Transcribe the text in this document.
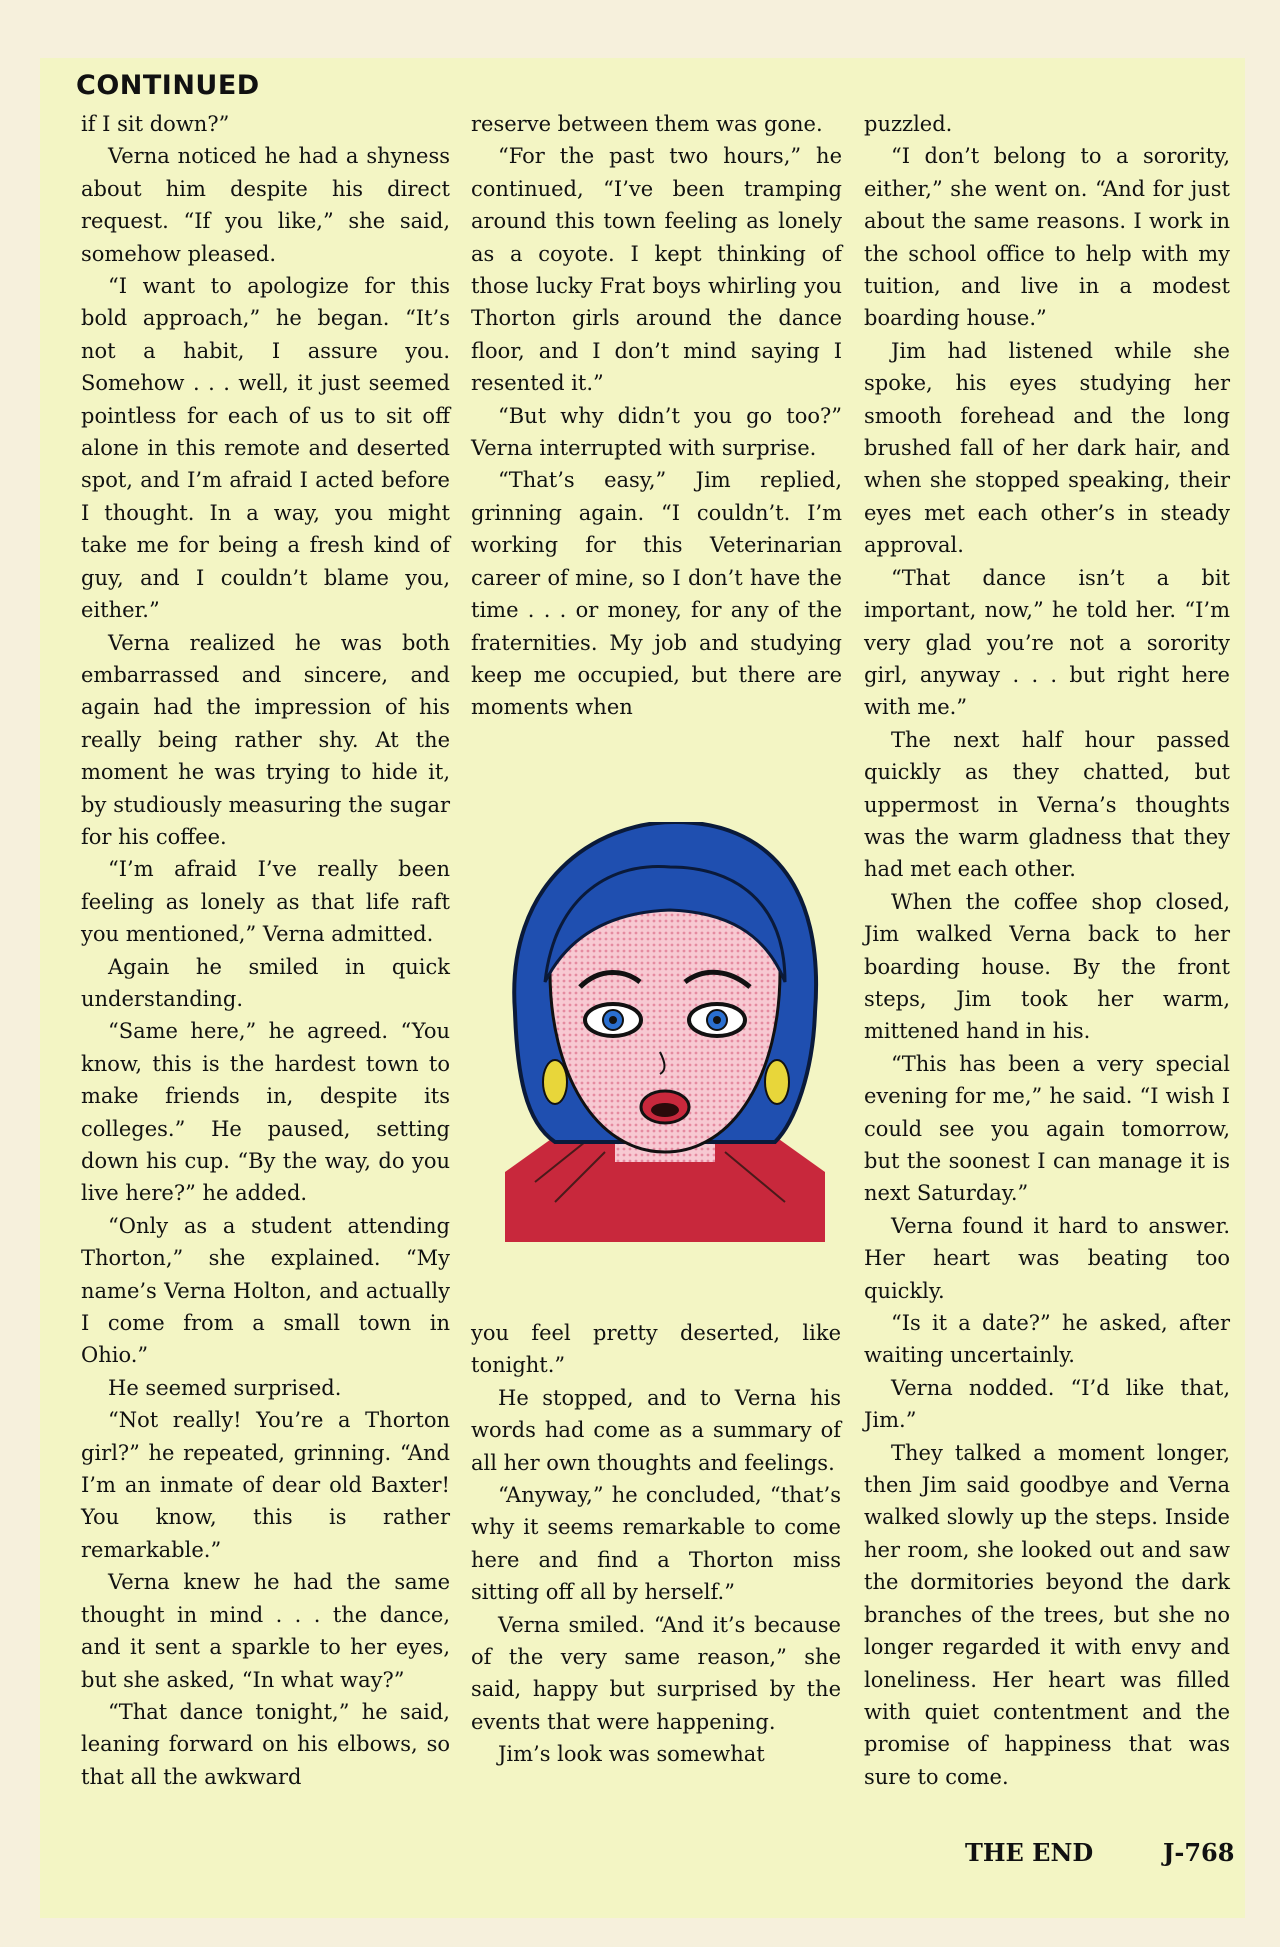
CONTINUED

if I sit down?”

Verna noticed he had a shyness about him despite his direct request. “If you like,” she said, somehow pleased.

“I want to apologize for this bold approach,” he began. “It’s not a habit, I assure you. Somehow . . . well, it just seemed pointless for each of us to sit off alone in this remote and deserted spot, and I’m afraid I acted before I thought. In a way, you might take me for being a fresh kind of guy, and I couldn’t blame you, either.”

Verna realized he was both embarrassed and sincere, and again had the impression of his really being rather shy. At the moment he was trying to hide it, by studiously measuring the sugar for his coffee.

“I’m afraid I’ve really been feeling as lonely as that life raft you mentioned,” Verna admitted.

Again he smiled in quick understanding.

“Same here,” he agreed. “You know, this is the hardest town to make friends in, despite its colleges.” He paused, setting down his cup. “By the way, do you live here?” he added.

“Only as a student attending Thorton,” she explained. “My name’s Verna Holton, and actually I come from a small town in Ohio.”

He seemed surprised.

“Not really! You’re a Thorton girl?” he repeated, grinning. “And I’m an inmate of dear old Baxter! You know, this is rather remarkable.”

Verna knew he had the same thought in mind . . . the dance, and it sent a sparkle to her eyes, but she asked, “In what way?”

“That dance tonight,” he said, leaning forward on his elbows, so that all the awkward

reserve between them was gone.

“For the past two hours,” he continued, “I’ve been tramping around this town feeling as lonely as a coyote. I kept thinking of those lucky Frat boys whirling you Thorton girls around the dance floor, and I don’t mind saying I resented it.”

“But why didn’t you go too?” Verna interrupted with surprise.

“That’s easy,” Jim replied, grinning again. “I couldn’t. I’m working for this Veterinarian career of mine, so I don’t have the time . . . or money, for any of the fraternities. My job and studying keep me occupied, but there are moments when

you feel pretty deserted, like tonight.”

He stopped, and to Verna his words had come as a summary of all her own thoughts and feelings.

“Anyway,” he concluded, “that’s why it seems remarkable to come here and find a Thorton miss sitting off all by herself.”

Verna smiled. “And it’s because of the very same reason,” she said, happy but surprised by the events that were happening.

Jim’s look was somewhat

puzzled.

“I don’t belong to a sorority, either,” she went on. “And for just about the same reasons. I work in the school office to help with my tuition, and live in a modest boarding house.”

Jim had listened while she spoke, his eyes studying her smooth forehead and the long brushed fall of her dark hair, and when she stopped speaking, their eyes met each other’s in steady approval.

“That dance isn’t a bit important, now,” he told her. “I’m very glad you’re not a sorority girl, anyway . . . but right here with me.”

The next half hour passed quickly as they chatted, but uppermost in Verna’s thoughts was the warm gladness that they had met each other.

When the coffee shop closed, Jim walked Verna back to her boarding house. By the front steps, Jim took her warm, mittened hand in his.

“This has been a very special evening for me,” he said. “I wish I could see you again tomorrow, but the soonest I can manage it is next Saturday.”

Verna found it hard to answer. Her heart was beating too quickly.

“Is it a date?” he asked, after waiting uncertainly.

Verna nodded. “I’d like that, Jim.”

They talked a moment longer, then Jim said goodbye and Verna walked slowly up the steps. Inside her room, she looked out and saw the dormitories beyond the dark branches of the trees, but she no longer regarded it with envy and loneliness. Her heart was filled with quiet contentment and the promise of happiness that was sure to come.

THE END	J-768
